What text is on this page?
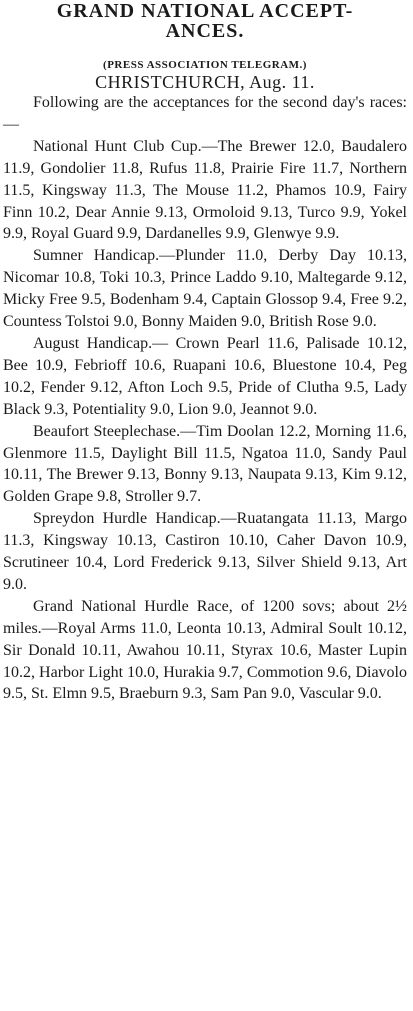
GRAND NATIONAL ACCEPT-
ANCES.
(PRESS ASSOCIATION TELEGRAM.)
CHRISTCHURCH, Aug. 11.

Following are the acceptances for the second day's races:—

National Hunt Club Cup.—The Brewer 12.0, Baudalero 11.9, Gondolier 11.8, Rufus 11.8, Prairie Fire 11.7, Northern 11.5, Kingsway 11.3, The Mouse 11.2, Phamos 10.9, Fairy Finn 10.2, Dear Annie 9.13, Ormoloid 9.13, Turco 9.9, Yokel 9.9, Royal Guard 9.9, Dardanelles 9.9, Glenwye 9.9.

Sumner Handicap.—Plunder 11.0, Derby Day 10.13, Nicomar 10.8, Toki 10.3, Prince Laddo 9.10, Maltegarde 9.12, Micky Free 9.5, Bodenham 9.4, Captain Glossop 9.4, Free 9.2, Countess Tolstoi 9.0, Bonny Maiden 9.0, British Rose 9.0.

August Handicap.— Crown Pearl 11.6, Palisade 10.12, Bee 10.9, Febrioff 10.6, Ruapani 10.6, Bluestone 10.4, Peg 10.2, Fender 9.12, Afton Loch 9.5, Pride of Clutha 9.5, Lady Black 9.3, Potentiality 9.0, Lion 9.0, Jeannot 9.0.

Beaufort Steeplechase.—Tim Doolan 12.2, Morning 11.6, Glenmore 11.5, Daylight Bill 11.5, Ngatoa 11.0, Sandy Paul 10.11, The Brewer 9.13, Bonny 9.13, Naupata 9.13, Kim 9.12, Golden Grape 9.8, Stroller 9.7.

Spreydon Hurdle Handicap.—Ruatangata 11.13, Margo 11.3, Kingsway 10.13, Castiron 10.10, Caher Davon 10.9, Scrutineer 10.4, Lord Frederick 9.13, Silver Shield 9.13, Art 9.0.

Grand National Hurdle Race, of 1200 sovs; about 2½ miles.—Royal Arms 11.0, Leonta 10.13, Admiral Soult 10.12, Sir Donald 10.11, Awahou 10.11, Styrax 10.6, Master Lupin 10.2, Harbor Light 10.0, Hurakia 9.7, Commotion 9.6, Diavolo 9.5, St. Elmn 9.5, Braeburn 9.3, Sam Pan 9.0, Vascular 9.0.
